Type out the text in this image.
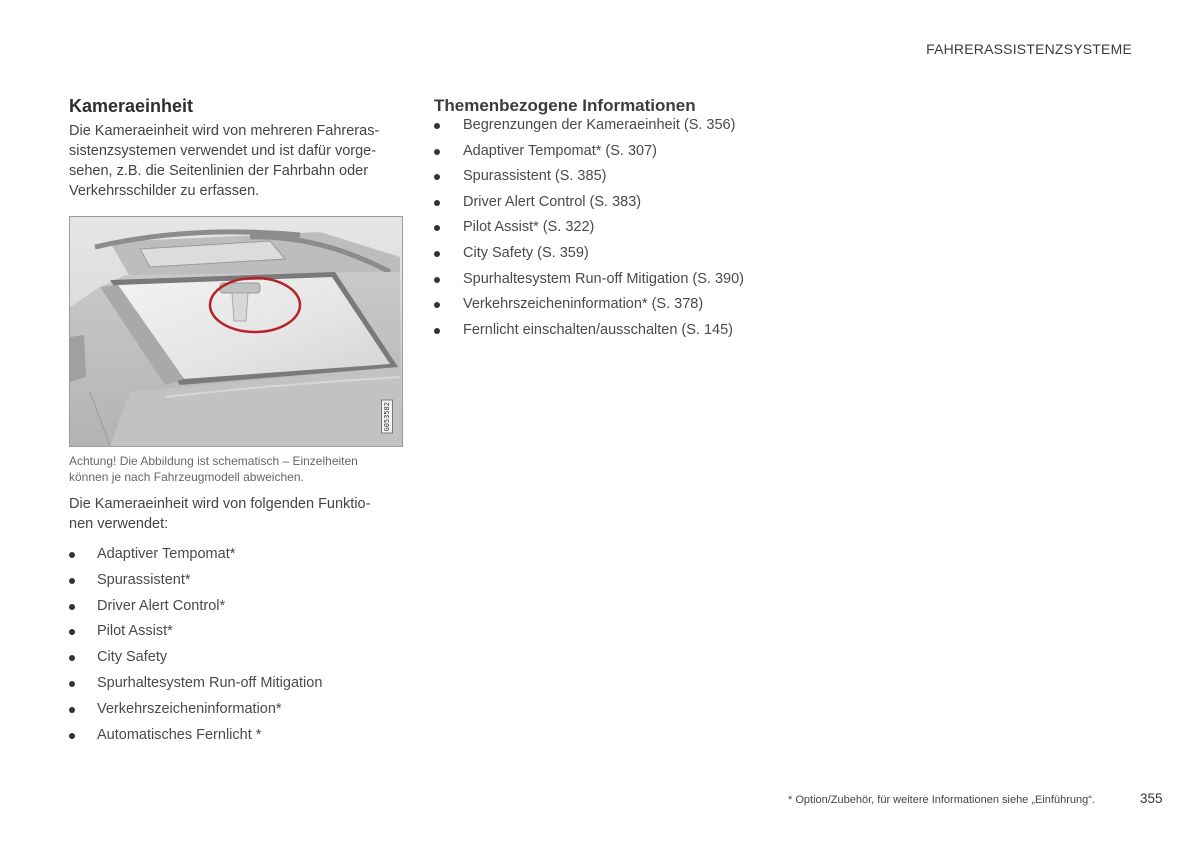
FAHRERASSISTENZSYSTEME
Kameraeinheit
Die Kameraeinheit wird von mehreren Fahreras-
sistenzsystemen verwendet und ist dafür vorge-
sehen, z.B. die Seitenlinien der Fahrbahn oder
Verkehrsschilder zu erfassen.
G053582
Achtung! Die Abbildung ist schematisch – Einzelheiten
können je nach Fahrzeugmodell abweichen.
Die Kameraeinheit wird von folgenden Funktio-
nen verwendet:
Adaptiver Tempomat*
Spurassistent*
Driver Alert Control*
Pilot Assist*
City Safety
Spurhaltesystem Run-off Mitigation
Verkehrszeicheninformation*
Automatisches Fernlicht *
Themenbezogene Informationen
Begrenzungen der Kameraeinheit (S. 356)
Adaptiver Tempomat* (S. 307)
Spurassistent (S. 385)
Driver Alert Control (S. 383)
Pilot Assist* (S. 322)
City Safety (S. 359)
Spurhaltesystem Run-off Mitigation (S. 390)
Verkehrszeicheninformation* (S. 378)
Fernlicht einschalten/ausschalten (S. 145)
* Option/Zubehör, für weitere Informationen siehe „Einführung“.	355
